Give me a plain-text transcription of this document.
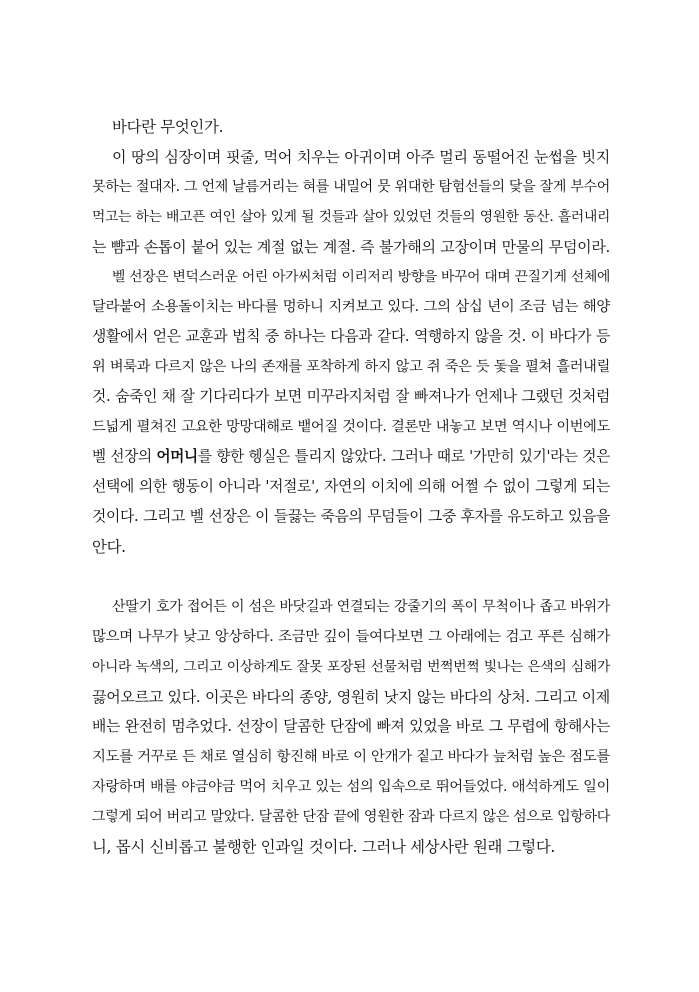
바다란 무엇인가.
이 땅의 심장이며 핏줄, 먹어 치우는 아귀이며 아주 멀리 동떨어진 눈썹을 빗지
못하는 절대자. 그 언제 날름거리는 혀를 내밀어 뭇 위대한 탐험선들의 닻을 잘게 부수어
먹고는 하는 배고픈 여인 살아 있게 될 것들과 살아 있었던 것들의 영원한 동산. 흘러내리
는 뺨과 손톱이 붙어 있는 계절 없는 계절. 즉 불가해의 고장이며 만물의 무덤이라.
벨 선장은 변덕스러운 어린 아가씨처럼 이리저리 방향을 바꾸어 대며 끈질기게 선체에
달라붙어 소용돌이치는 바다를 멍하니 지켜보고 있다. 그의 삼십 년이 조금 넘는 해양
생활에서 얻은 교훈과 법칙 중 하나는 다음과 같다. 역행하지 않을 것. 이 바다가 등
위 벼룩과 다르지 않은 나의 존재를 포착하게 하지 않고 쥐 죽은 듯 돛을 펼쳐 흘러내릴
것. 숨죽인 채 잘 기다리다가 보면 미꾸라지처럼 잘 빠져나가 언제나 그랬던 것처럼
드넓게 펼쳐진 고요한 망망대해로 뱉어질 것이다. 결론만 내놓고 보면 역시나 이번에도
벨 선장의 어머니를 향한 헹실은 틀리지 않았다. 그러나 때로 '가만히 있기'라는 것은
선택에 의한 행동이 아니라 '저절로', 자연의 이치에 의해 어쩔 수 없이 그렇게 되는
것이다. 그리고 벨 선장은 이 들끓는 죽음의 무덤들이 그중 후자를 유도하고 있음을
안다.
산딸기 호가 접어든 이 섬은 바닷길과 연결되는 강줄기의 폭이 무척이나 좁고 바위가
많으며 나무가 낮고 앙상하다. 조금만 깊이 들여다보면 그 아래에는 검고 푸른 심해가
아니라 녹색의, 그리고 이상하게도 잘못 포장된 선물처럼 번쩍번쩍 빛나는 은색의 심해가
끓어오르고 있다. 이곳은 바다의 종양, 영원히 낫지 않는 바다의 상처. 그리고 이제
배는 완전히 멈추었다. 선장이 달콤한 단잠에 빠져 있었을 바로 그 무렵에 항해사는
지도를 거꾸로 든 채로 열심히 항진해 바로 이 안개가 짙고 바다가 늪처럼 높은 점도를
자랑하며 배를 야금야금 먹어 치우고 있는 섬의 입속으로 뛰어들었다. 애석하게도 일이
그렇게 되어 버리고 말았다. 달콤한 단잠 끝에 영원한 잠과 다르지 않은 섬으로 입항하다
니, 몹시 신비롭고 불행한 인과일 것이다. 그러나 세상사란 원래 그렇다.
